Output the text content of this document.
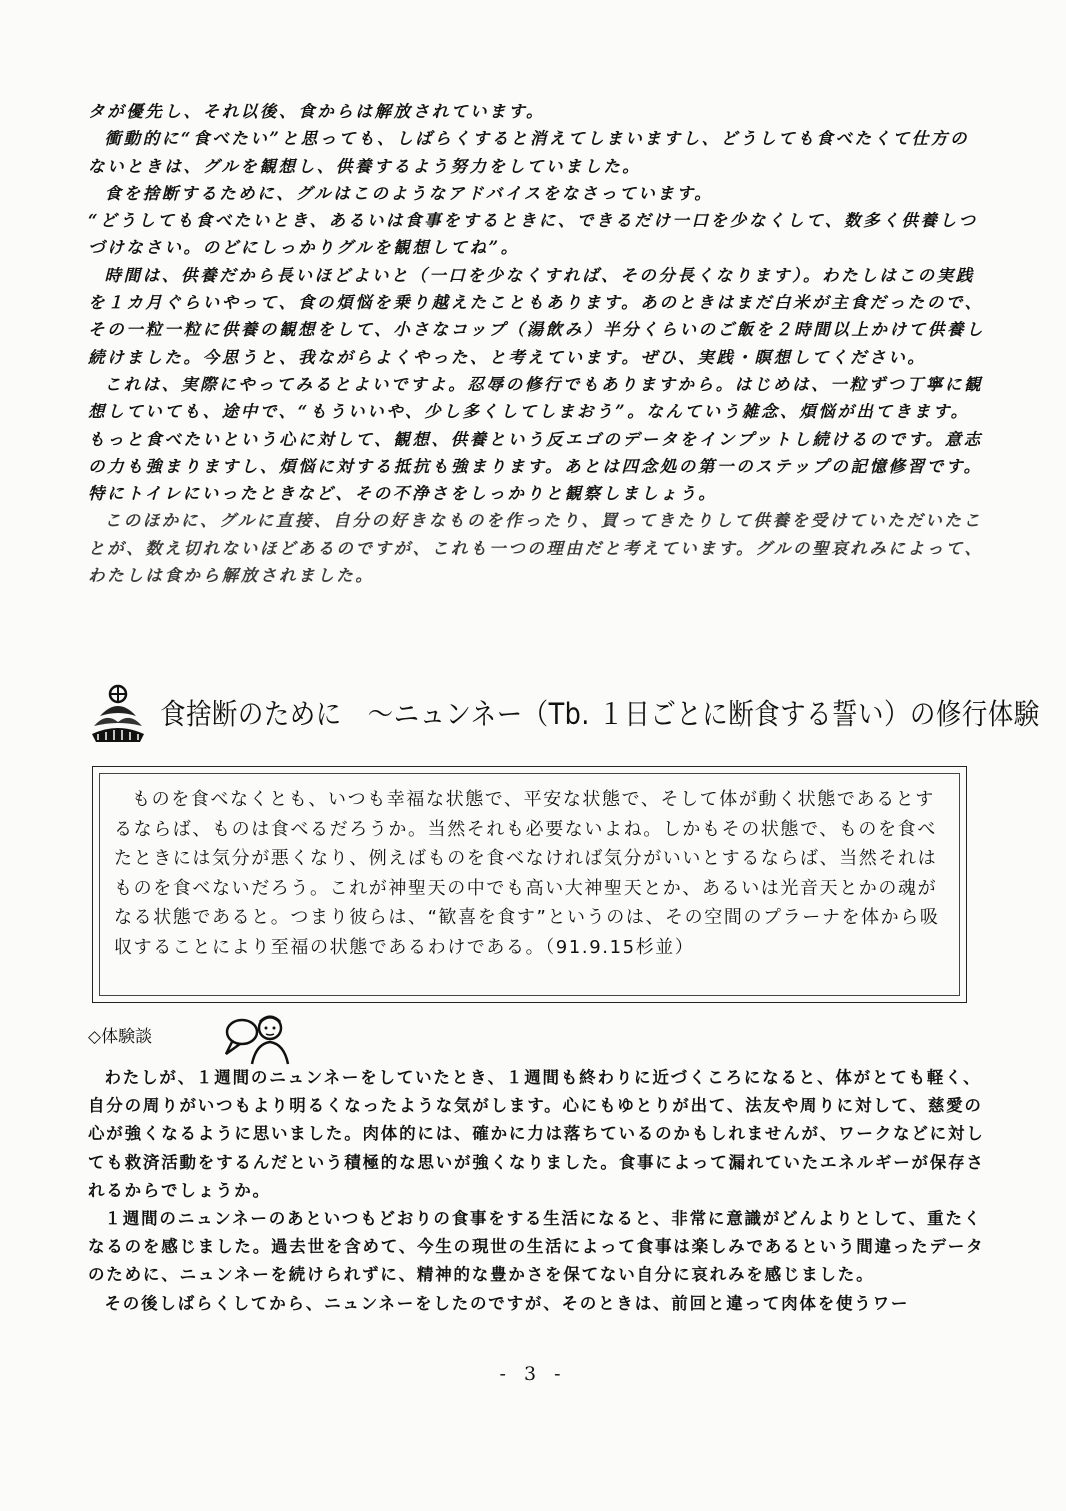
タが優先し、それ以後、食からは解放されています。

衝動的に“食べたい”と思っても、しばらくすると消えてしまいますし、どうしても食べたくて仕方のないときは、グルを観想し、供養するよう努力をしていました。

食を捨断するために、グルはこのようなアドバイスをなさっています。

“どうしても食べたいとき、あるいは食事をするときに、できるだけ一口を少なくして、数多く供養しつづけなさい。のどにしっかりグルを観想してね”。

時間は、供養だから長いほどよいと（一口を少なくすれば、その分長くなります）。わたしはこの実践を１カ月ぐらいやって、食の煩悩を乗り越えたこともあります。あのときはまだ白米が主食だったので、その一粒一粒に供養の観想をして、小さなコップ（湯飲み）半分くらいのご飯を２時間以上かけて供養し続けました。今思うと、我ながらよくやった、と考えています。ぜひ、実践・瞑想してください。

これは、実際にやってみるとよいですよ。忍辱の修行でもありますから。はじめは、一粒ずつ丁寧に観想していても、途中で、“もういいや、少し多くしてしまおう”。なんていう雑念、煩悩が出てきます。もっと食べたいという心に対して、観想、供養という反エゴのデータをインプットし続けるのです。意志の力も強まりますし、煩悩に対する抵抗も強まります。あとは四念処の第一のステップの記憶修習です。特にトイレにいったときなど、その不浄さをしっかりと観察しましょう。

このほかに、グルに直接、自分の好きなものを作ったり、買ってきたりして供養を受けていただいたことが、数え切れないほどあるのですが、これも一つの理由だと考えています。グルの聖哀れみによって、わたしは食から解放されました。

食捨断のために　～ニュンネー（Tb. １日ごとに断食する誓い）の修行体験

ものを食べなくとも、いつも幸福な状態で、平安な状態で、そして体が動く状態であるとするならば、ものは食べるだろうか。当然それも必要ないよね。しかもその状態で、ものを食べたときには気分が悪くなり、例えばものを食べなければ気分がいいとするならば、当然それはものを食べないだろう。これが神聖天の中でも高い大神聖天とか、あるいは光音天とかの魂がなる状態であると。つまり彼らは、“歓喜を食す”というのは、その空間のプラーナを体から吸収することにより至福の状態であるわけである。（91.9.15杉並）

◇体験談

わたしが、１週間のニュンネーをしていたとき、１週間も終わりに近づくころになると、体がとても軽く、自分の周りがいつもより明るくなったような気がします。心にもゆとりが出て、法友や周りに対して、慈愛の心が強くなるように思いました。肉体的には、確かに力は落ちているのかもしれませんが、ワークなどに対しても救済活動をするんだという積極的な思いが強くなりました。食事によって漏れていたエネルギーが保存されるからでしょうか。

１週間のニュンネーのあといつもどおりの食事をする生活になると、非常に意識がどんよりとして、重たくなるのを感じました。過去世を含めて、今生の現世の生活によって食事は楽しみであるという間違ったデータのために、ニュンネーを続けられずに、精神的な豊かさを保てない自分に哀れみを感じました。

その後しばらくしてから、ニュンネーをしたのですが、そのときは、前回と違って肉体を使うワー

- 3 -
